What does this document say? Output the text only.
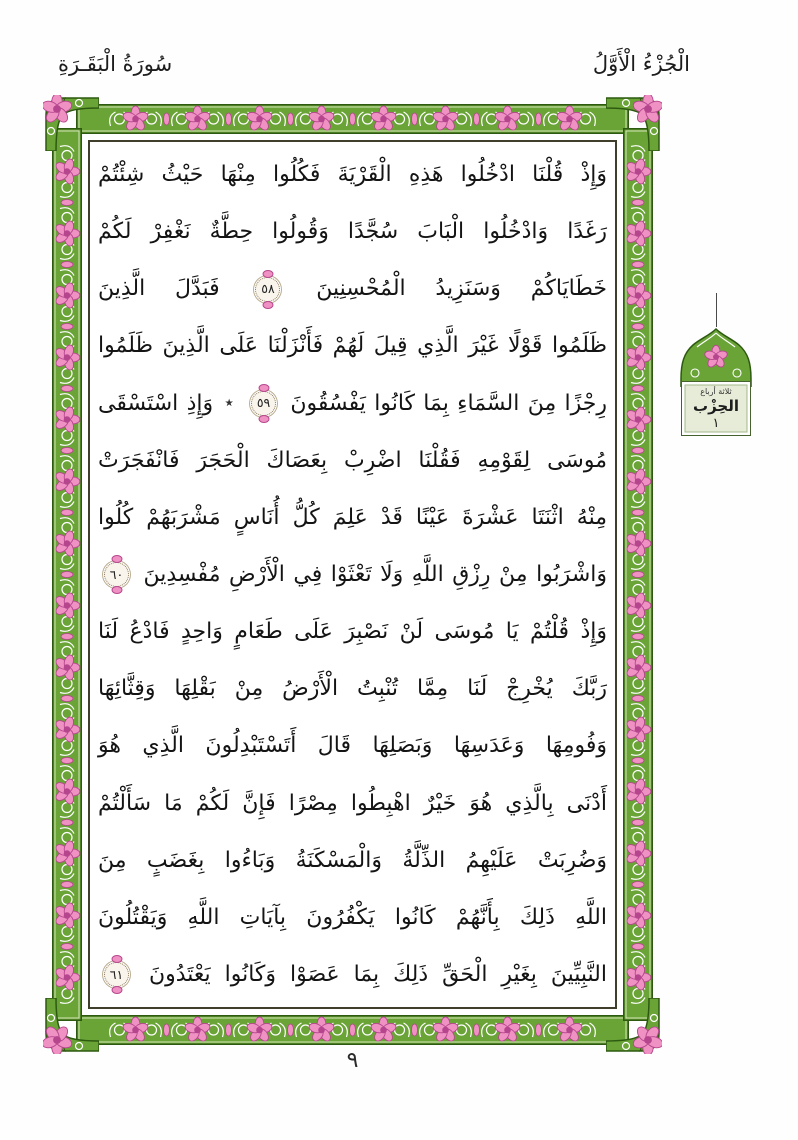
سُورَةُ الْبَقَـرَةِ	الْجُزْءُ الْأَوَّلُ
وَإِذْ قُلْنَا ادْخُلُوا هَذِهِ الْقَرْيَةَ فَكُلُوا مِنْهَا حَيْثُ شِئْتُمْ
رَغَدًا وَادْخُلُوا الْبَابَ سُجَّدًا وَقُولُوا حِطَّةٌ نَغْفِرْ لَكُمْ
خَطَايَاكُمْ وَسَنَزِيدُ الْمُحْسِنِينَ ٥٨ فَبَدَّلَ الَّذِينَ
ظَلَمُوا قَوْلًا غَيْرَ الَّذِي قِيلَ لَهُمْ فَأَنْزَلْنَا عَلَى الَّذِينَ ظَلَمُوا
رِجْزًا مِنَ السَّمَاءِ بِمَا كَانُوا يَفْسُقُونَ ٥٩ ٭ وَإِذِ اسْتَسْقَى
مُوسَى لِقَوْمِهِ فَقُلْنَا اضْرِبْ بِعَصَاكَ الْحَجَرَ فَانْفَجَرَتْ
مِنْهُ اثْنَتَا عَشْرَةَ عَيْنًا قَدْ عَلِمَ كُلُّ أُنَاسٍ مَشْرَبَهُمْ كُلُوا
وَاشْرَبُوا مِنْ رِزْقِ اللَّهِ وَلَا تَعْثَوْا فِي الْأَرْضِ مُفْسِدِينَ ٦٠
وَإِذْ قُلْتُمْ يَا مُوسَى لَنْ نَصْبِرَ عَلَى طَعَامٍ وَاحِدٍ فَادْعُ لَنَا
رَبَّكَ يُخْرِجْ لَنَا مِمَّا تُنْبِتُ الْأَرْضُ مِنْ بَقْلِهَا وَقِثَّائِهَا
وَفُومِهَا وَعَدَسِهَا وَبَصَلِهَا قَالَ أَتَسْتَبْدِلُونَ الَّذِي هُوَ
أَدْنَى بِالَّذِي هُوَ خَيْرٌ اهْبِطُوا مِصْرًا فَإِنَّ لَكُمْ مَا سَأَلْتُمْ
وَضُرِبَتْ عَلَيْهِمُ الذِّلَّةُ وَالْمَسْكَنَةُ وَبَاءُوا بِغَضَبٍ مِنَ
اللَّهِ ذَلِكَ بِأَنَّهُمْ كَانُوا يَكْفُرُونَ بِآيَاتِ اللَّهِ وَيَقْتُلُونَ
النَّبِيِّينَ بِغَيْرِ الْحَقِّ ذَلِكَ بِمَا عَصَوْا وَكَانُوا يَعْتَدُونَ ٦١
ثلاثة أرباع
الحِزْب
١
٩
